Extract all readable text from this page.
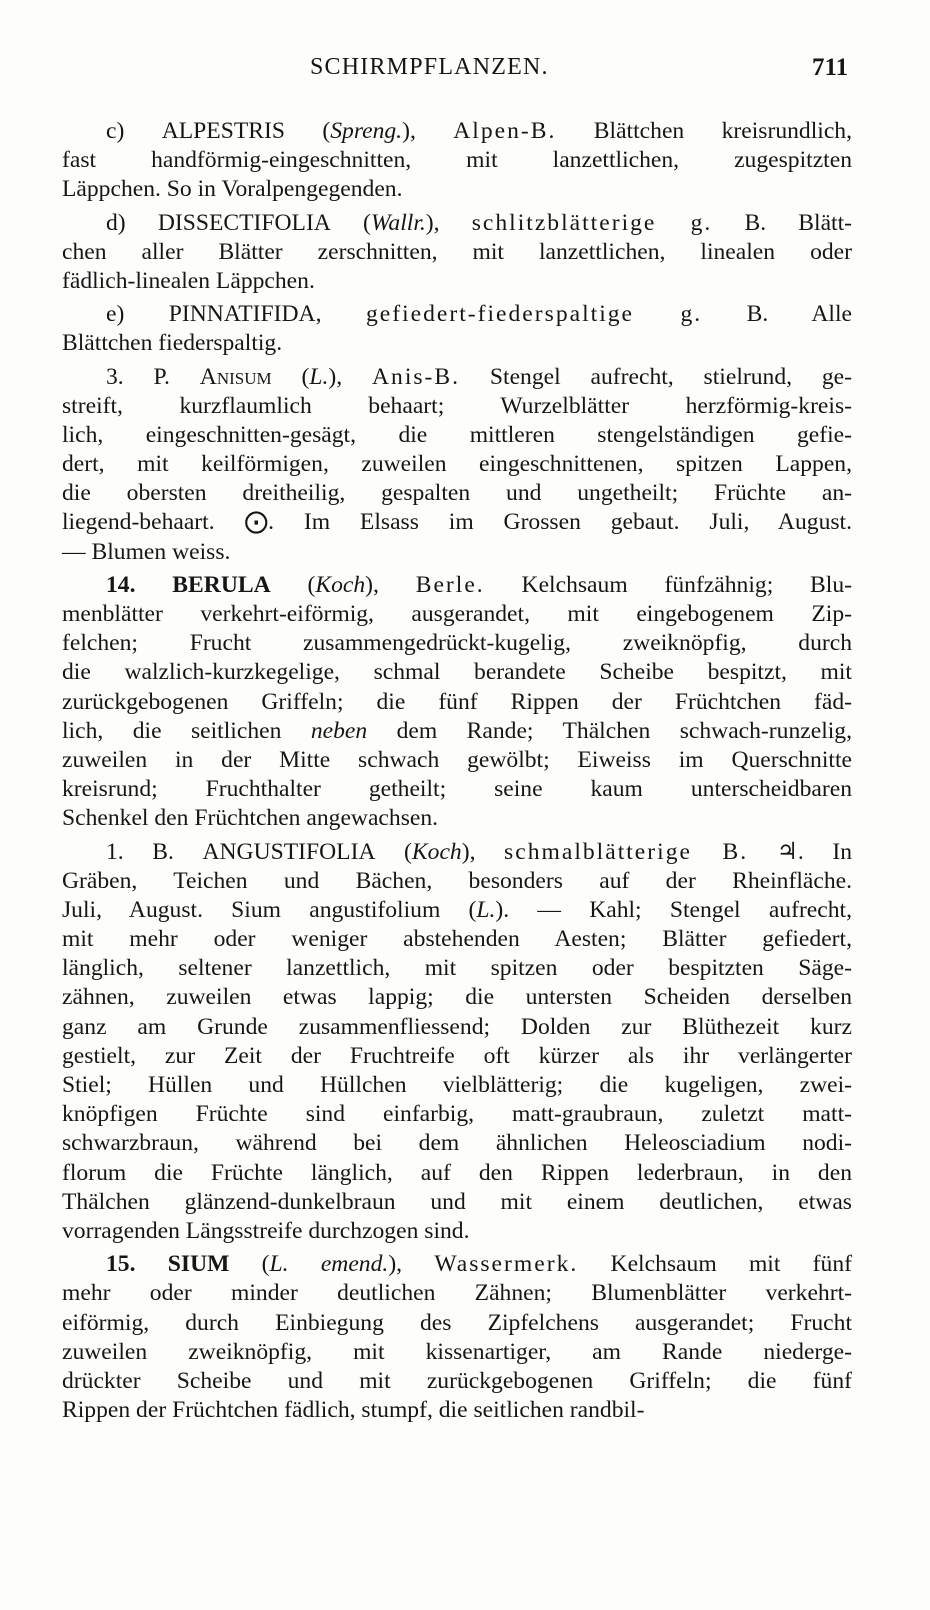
SCHIRMPFLANZEN.	711
c) ALPESTRIS (Spreng.), Alpen-B. Blättchen kreisrundlich,
fast handförmig-eingeschnitten, mit lanzettlichen, zugespitzten
Läppchen. So in Voralpengegenden.
d) DISSECTIFOLIA (Wallr.), schlitzblätterige g. B. Blätt-
chen aller Blätter zerschnitten, mit lanzettlichen, linealen oder
fädlich-linealen Läppchen.
e) PINNATIFIDA, gefiedert-fiederspaltige g. B. Alle
Blättchen fiederspaltig.
3. P. Anisum (L.), Anis-B. Stengel aufrecht, stielrund, ge-
streift, kurzflaumlich behaart; Wurzelblätter herzförmig-kreis-
lich, eingeschnitten-gesägt, die mittleren stengelständigen gefie-
dert, mit keilförmigen, zuweilen eingeschnittenen, spitzen Lappen,
die obersten dreitheilig, gespalten und ungetheilt; Früchte an-
liegend-behaart. ⨀. Im Elsass im Grossen gebaut. Juli, August.
— Blumen weiss.
14. BERULA (Koch), Berle. Kelchsaum fünfzähnig; Blu-
menblätter verkehrt-eiförmig, ausgerandet, mit eingebogenem Zip-
felchen; Frucht zusammengedrückt-kugelig, zweiknöpfig, durch
die walzlich-kurzkegelige, schmal berandete Scheibe bespitzt, mit
zurückgebogenen Griffeln; die fünf Rippen der Früchtchen fäd-
lich, die seitlichen neben dem Rande; Thälchen schwach-runzelig,
zuweilen in der Mitte schwach gewölbt; Eiweiss im Querschnitte
kreisrund; Fruchthalter getheilt; seine kaum unterscheidbaren
Schenkel den Früchtchen angewachsen.
1. B. ANGUSTIFOLIA (Koch), schmalblätterige B. ♃. In
Gräben, Teichen und Bächen, besonders auf der Rheinfläche.
Juli, August. Sium angustifolium (L.). — Kahl; Stengel aufrecht,
mit mehr oder weniger abstehenden Aesten; Blätter gefiedert,
länglich, seltener lanzettlich, mit spitzen oder bespitzten Säge-
zähnen, zuweilen etwas lappig; die untersten Scheiden derselben
ganz am Grunde zusammenfliessend; Dolden zur Blüthezeit kurz
gestielt, zur Zeit der Fruchtreife oft kürzer als ihr verlängerter
Stiel; Hüllen und Hüllchen vielblätterig; die kugeligen, zwei-
knöpfigen Früchte sind einfarbig, matt-graubraun, zuletzt matt-
schwarzbraun, während bei dem ähnlichen Heleosciadium nodi-
florum die Früchte länglich, auf den Rippen lederbraun, in den
Thälchen glänzend-dunkelbraun und mit einem deutlichen, etwas
vorragenden Längsstreife durchzogen sind.
15. SIUM (L. emend.), Wassermerk. Kelchsaum mit fünf
mehr oder minder deutlichen Zähnen; Blumenblätter verkehrt-
eiförmig, durch Einbiegung des Zipfelchens ausgerandet; Frucht
zuweilen zweiknöpfig, mit kissenartiger, am Rande niederge-
drückter Scheibe und mit zurückgebogenen Griffeln; die fünf
Rippen der Früchtchen fädlich, stumpf, die seitlichen randbil-
